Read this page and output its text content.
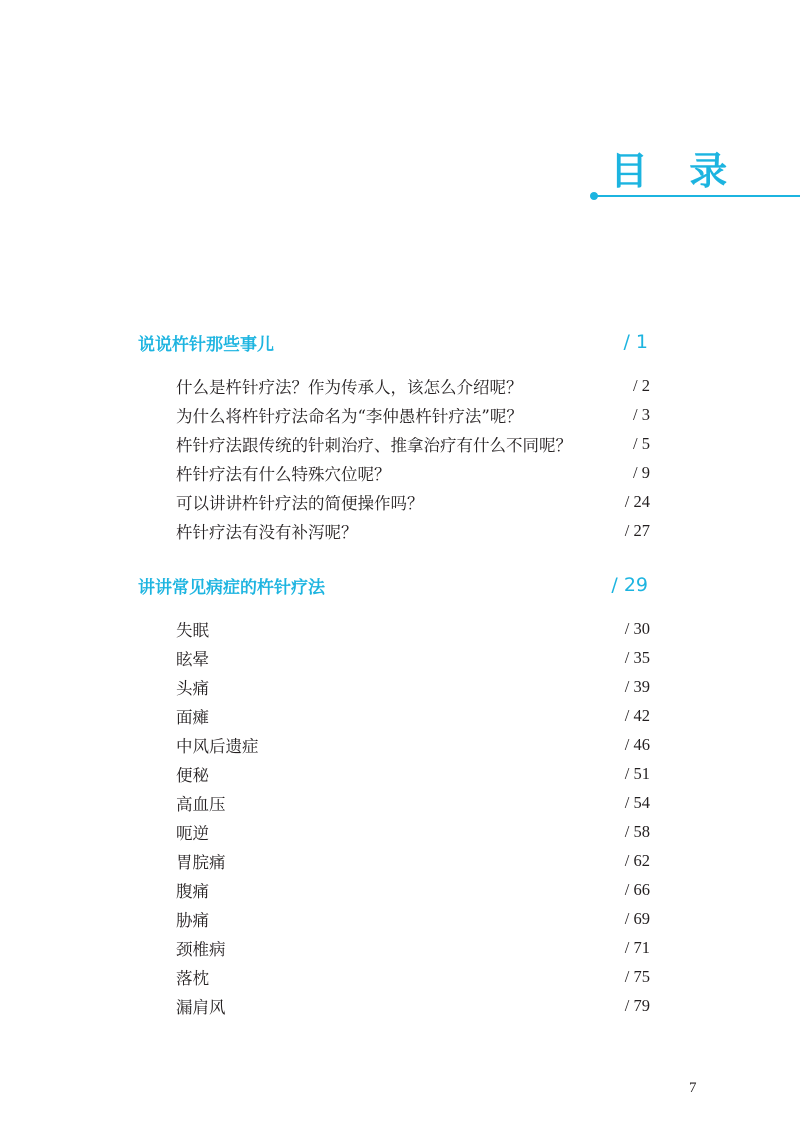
目 录
说说杵针那些事儿	/ 1
什么是杵针疗法？作为传承人，该怎么介绍呢？	/ 2
为什么将杵针疗法命名为“李仲愚杵针疗法”呢？	/ 3
杵针疗法跟传统的针刺治疗、推拿治疗有什么不同呢？	/ 5
杵针疗法有什么特殊穴位呢？	/ 9
可以讲讲杵针疗法的简便操作吗？	/ 24
杵针疗法有没有补泻呢？	/ 27
讲讲常见病症的杵针疗法	/ 29
失眠	/ 30
眩晕	/ 35
头痛	/ 39
面瘫	/ 42
中风后遗症	/ 46
便秘	/ 51
高血压	/ 54
呃逆	/ 58
胃脘痛	/ 62
腹痛	/ 66
胁痛	/ 69
颈椎病	/ 71
落枕	/ 75
漏肩风	/ 79
7
